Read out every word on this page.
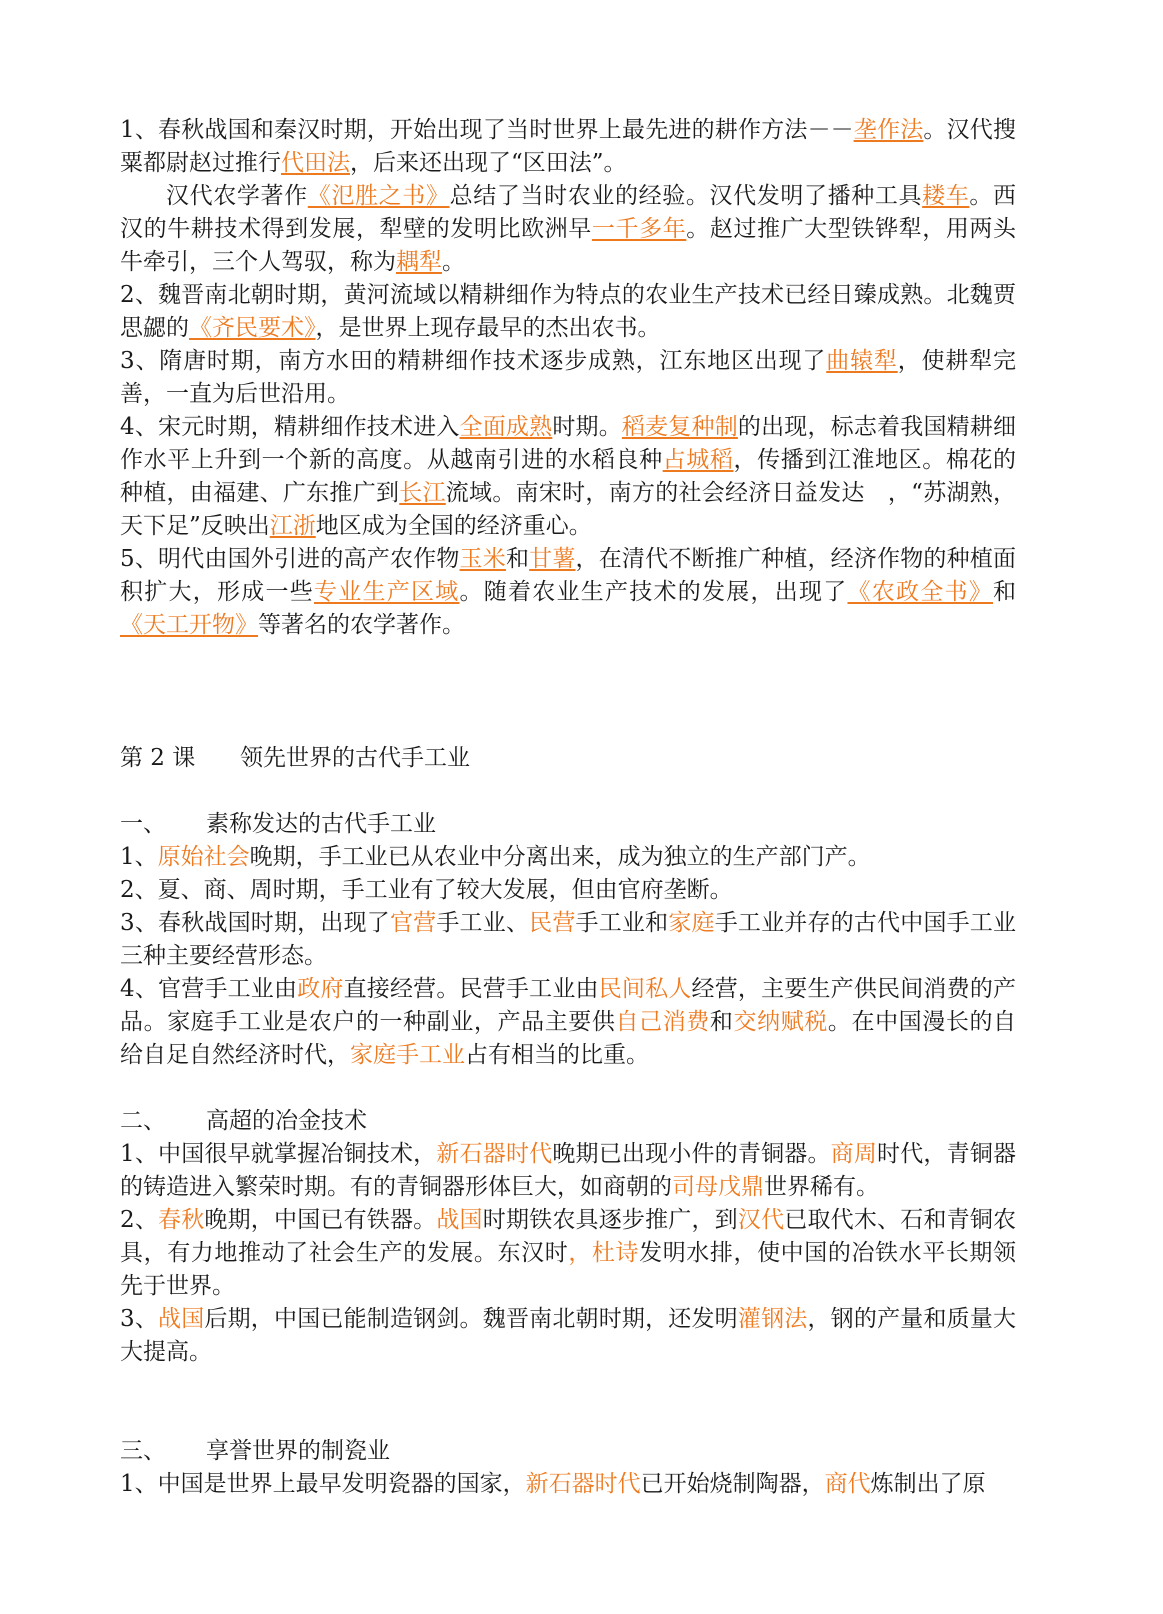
1、春秋战国和秦汉时期，开始出现了当时世界上最先进的耕作方法－－垄作法。汉代搜粟都尉赵过推行代田法，后来还出现了“区田法”。

汉代农学著作《氾胜之书》总结了当时农业的经验。汉代发明了播种工具耧车。西汉的牛耕技术得到发展，犁壁的发明比欧洲早一千多年。赵过推广大型铁铧犁，用两头牛牵引，三个人驾驭，称为耦犁。

2、魏晋南北朝时期，黄河流域以精耕细作为特点的农业生产技术已经日臻成熟。北魏贾思勰的《齐民要术》，是世界上现存最早的杰出农书。

3、隋唐时期，南方水田的精耕细作技术逐步成熟，江东地区出现了曲辕犁，使耕犁完善，一直为后世沿用。

4、宋元时期，精耕细作技术进入全面成熟时期。稻麦复种制的出现，标志着我国精耕细作水平上升到一个新的高度。从越南引进的水稻良种占城稻，传播到江淮地区。棉花的种植，由福建、广东推广到长江流域。南宋时，南方的社会经济日益发达　，“苏湖熟，天下足”反映出江浙地区成为全国的经济重心。

5、明代由国外引进的高产农作物玉米和甘薯，在清代不断推广种植，经济作物的种植面积扩大，形成一些专业生产区域。随着农业生产技术的发展，出现了《农政全书》和《天工开物》等著名的农学著作。

第 2 课 领先世界的古代手工业

一、 素称发达的古代手工业

1、原始社会晚期，手工业已从农业中分离出来，成为独立的生产部门产。

2、夏、商、周时期，手工业有了较大发展，但由官府垄断。

3、春秋战国时期，出现了官营手工业、民营手工业和家庭手工业并存的古代中国手工业三种主要经营形态。

4、官营手工业由政府直接经营。民营手工业由民间私人经营，主要生产供民间消费的产品。家庭手工业是农户的一种副业，产品主要供自己消费和交纳赋税。在中国漫长的自给自足自然经济时代，家庭手工业占有相当的比重。

二、 高超的冶金技术

1、中国很早就掌握冶铜技术，新石器时代晚期已出现小件的青铜器。商周时代，青铜器的铸造进入繁荣时期。有的青铜器形体巨大，如商朝的司母戊鼎世界稀有。

2、春秋晚期，中国已有铁器。战国时期铁农具逐步推广，到汉代已取代木、石和青铜农具，有力地推动了社会生产的发展。东汉时，杜诗发明水排，使中国的冶铁水平长期领先于世界。

3、战国后期，中国已能制造钢剑。魏晋南北朝时期，还发明灌钢法，钢的产量和质量大大提高。

三、 享誉世界的制瓷业

1、中国是世界上最早发明瓷器的国家，新石器时代已开始烧制陶器，商代炼制出了原
